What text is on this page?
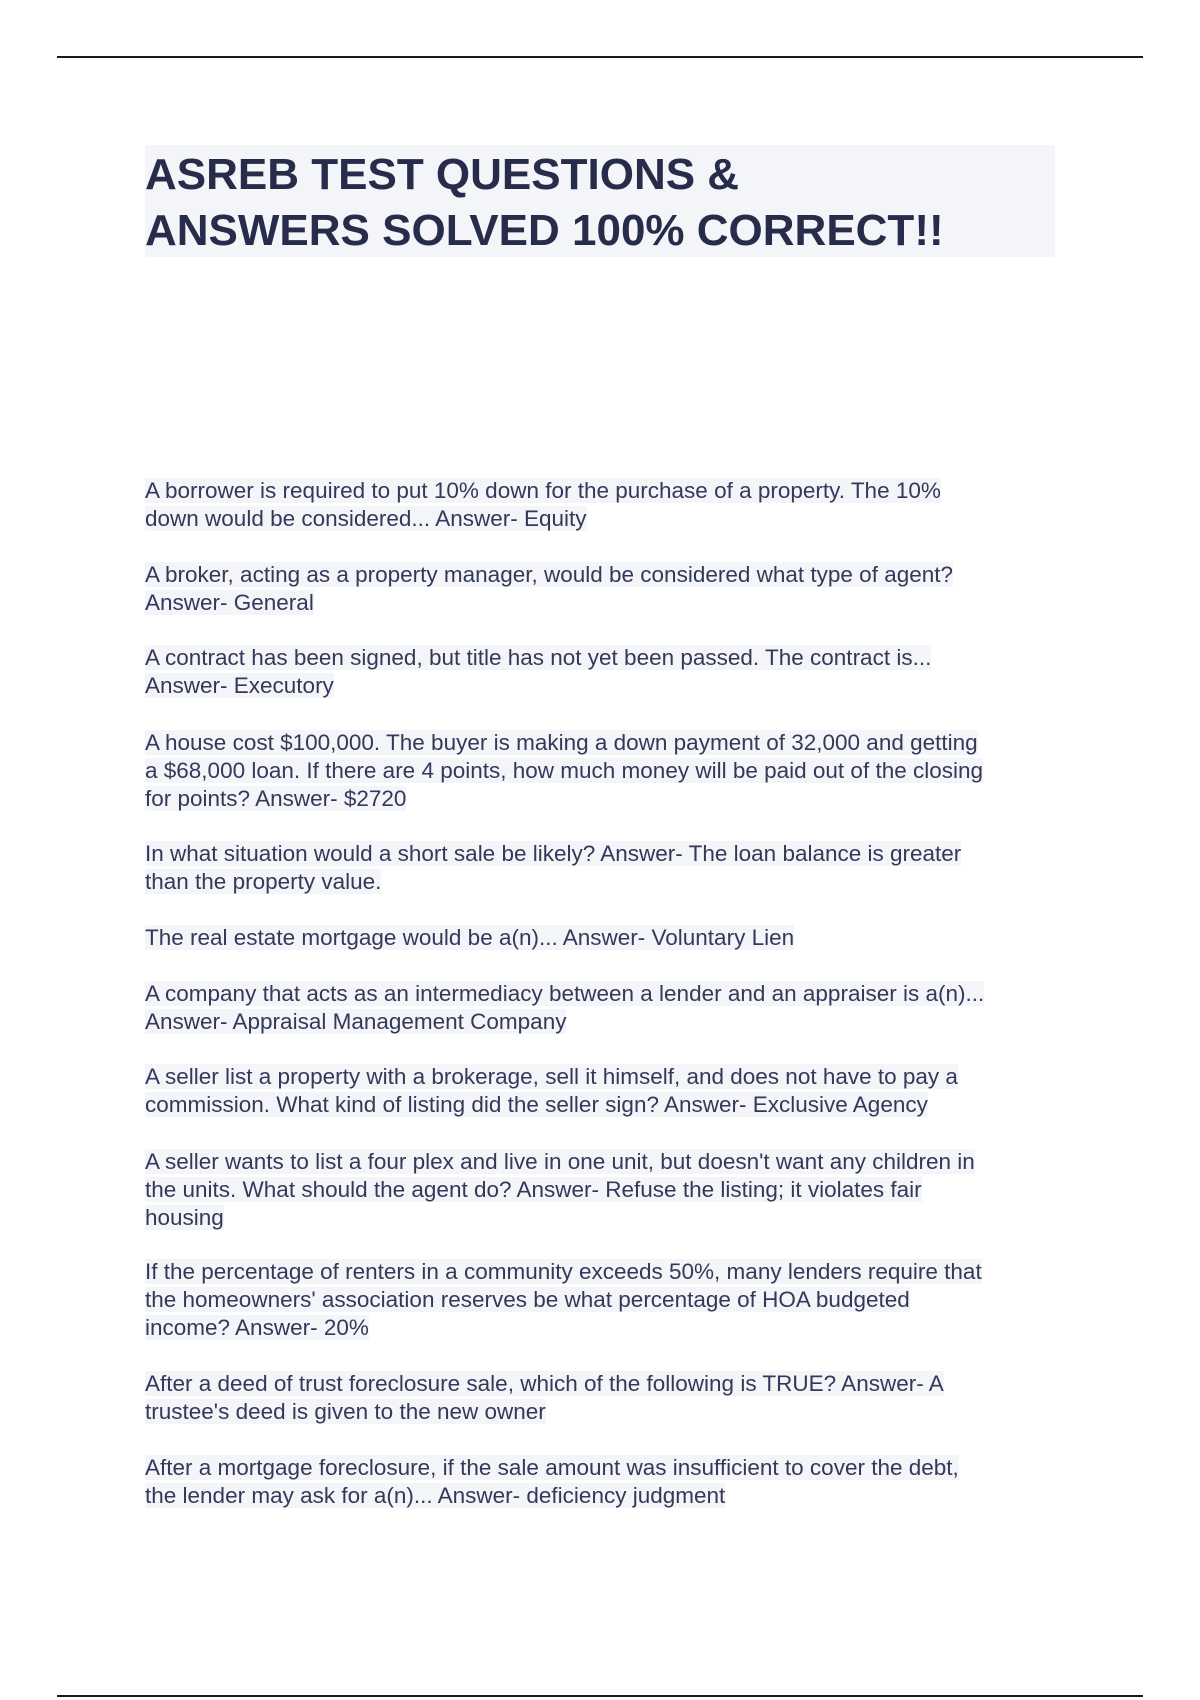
ASREB TEST QUESTIONS &
ANSWERS SOLVED 100% CORRECT!!

A borrower is required to put 10% down for the purchase of a property. The 10%
down would be considered... Answer- Equity

A broker, acting as a property manager, would be considered what type of agent?
Answer- General

A contract has been signed, but title has not yet been passed. The contract is...
Answer- Executory

A house cost $100,000. The buyer is making a down payment of 32,000 and getting
a $68,000 loan. If there are 4 points, how much money will be paid out of the closing
for points? Answer- $2720

In what situation would a short sale be likely? Answer- The loan balance is greater
than the property value.

The real estate mortgage would be a(n)... Answer- Voluntary Lien

A company that acts as an intermediacy between a lender and an appraiser is a(n)...
Answer- Appraisal Management Company

A seller list a property with a brokerage, sell it himself, and does not have to pay a
commission. What kind of listing did the seller sign? Answer- Exclusive Agency

A seller wants to list a four plex and live in one unit, but doesn't want any children in
the units. What should the agent do? Answer- Refuse the listing; it violates fair
housing

If the percentage of renters in a community exceeds 50%, many lenders require that
the homeowners' association reserves be what percentage of HOA budgeted
income? Answer- 20%

After a deed of trust foreclosure sale, which of the following is TRUE? Answer- A
trustee's deed is given to the new owner

After a mortgage foreclosure, if the sale amount was insufficient to cover the debt,
the lender may ask for a(n)... Answer- deficiency judgment
